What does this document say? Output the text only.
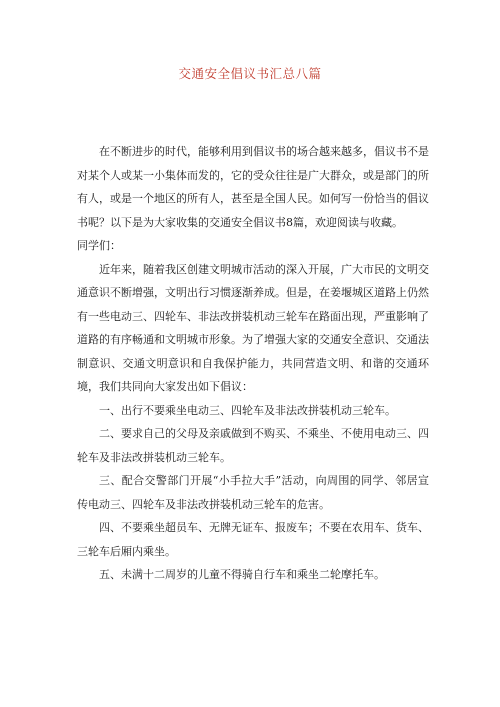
交通安全倡议书汇总八篇

在不断进步的时代，能够利用到倡议书的场合越来越多，倡议书不是对某个人或某一小集体而发的，它的受众往往是广大群众，或是部门的所有人，或是一个地区的所有人，甚至是全国人民。如何写一份恰当的倡议书呢？以下是为大家收集的交通安全倡议书8篇，欢迎阅读与收藏。

同学们：

近年来，随着我区创建文明城市活动的深入开展，广大市民的文明交通意识不断增强，文明出行习惯逐渐养成。但是，在姜堰城区道路上仍然有一些电动三、四轮车、非法改拼装机动三轮车在路面出现，严重影响了道路的有序畅通和文明城市形象。为了增强大家的交通安全意识、交通法制意识、交通文明意识和自我保护能力，共同营造文明、和谐的交通环境，我们共同向大家发出如下倡议：

一、出行不要乘坐电动三、四轮车及非法改拼装机动三轮车。

二、要求自己的父母及亲戚做到不购买、不乘坐、不使用电动三、四轮车及非法改拼装机动三轮车。

三、配合交警部门开展“小手拉大手”活动，向周围的同学、邻居宣传电动三、四轮车及非法改拼装机动三轮车的危害。

四、不要乘坐超员车、无牌无证车、报废车；不要在农用车、货车、三轮车后厢内乘坐。

五、未满十二周岁的儿童不得骑自行车和乘坐二轮摩托车。
